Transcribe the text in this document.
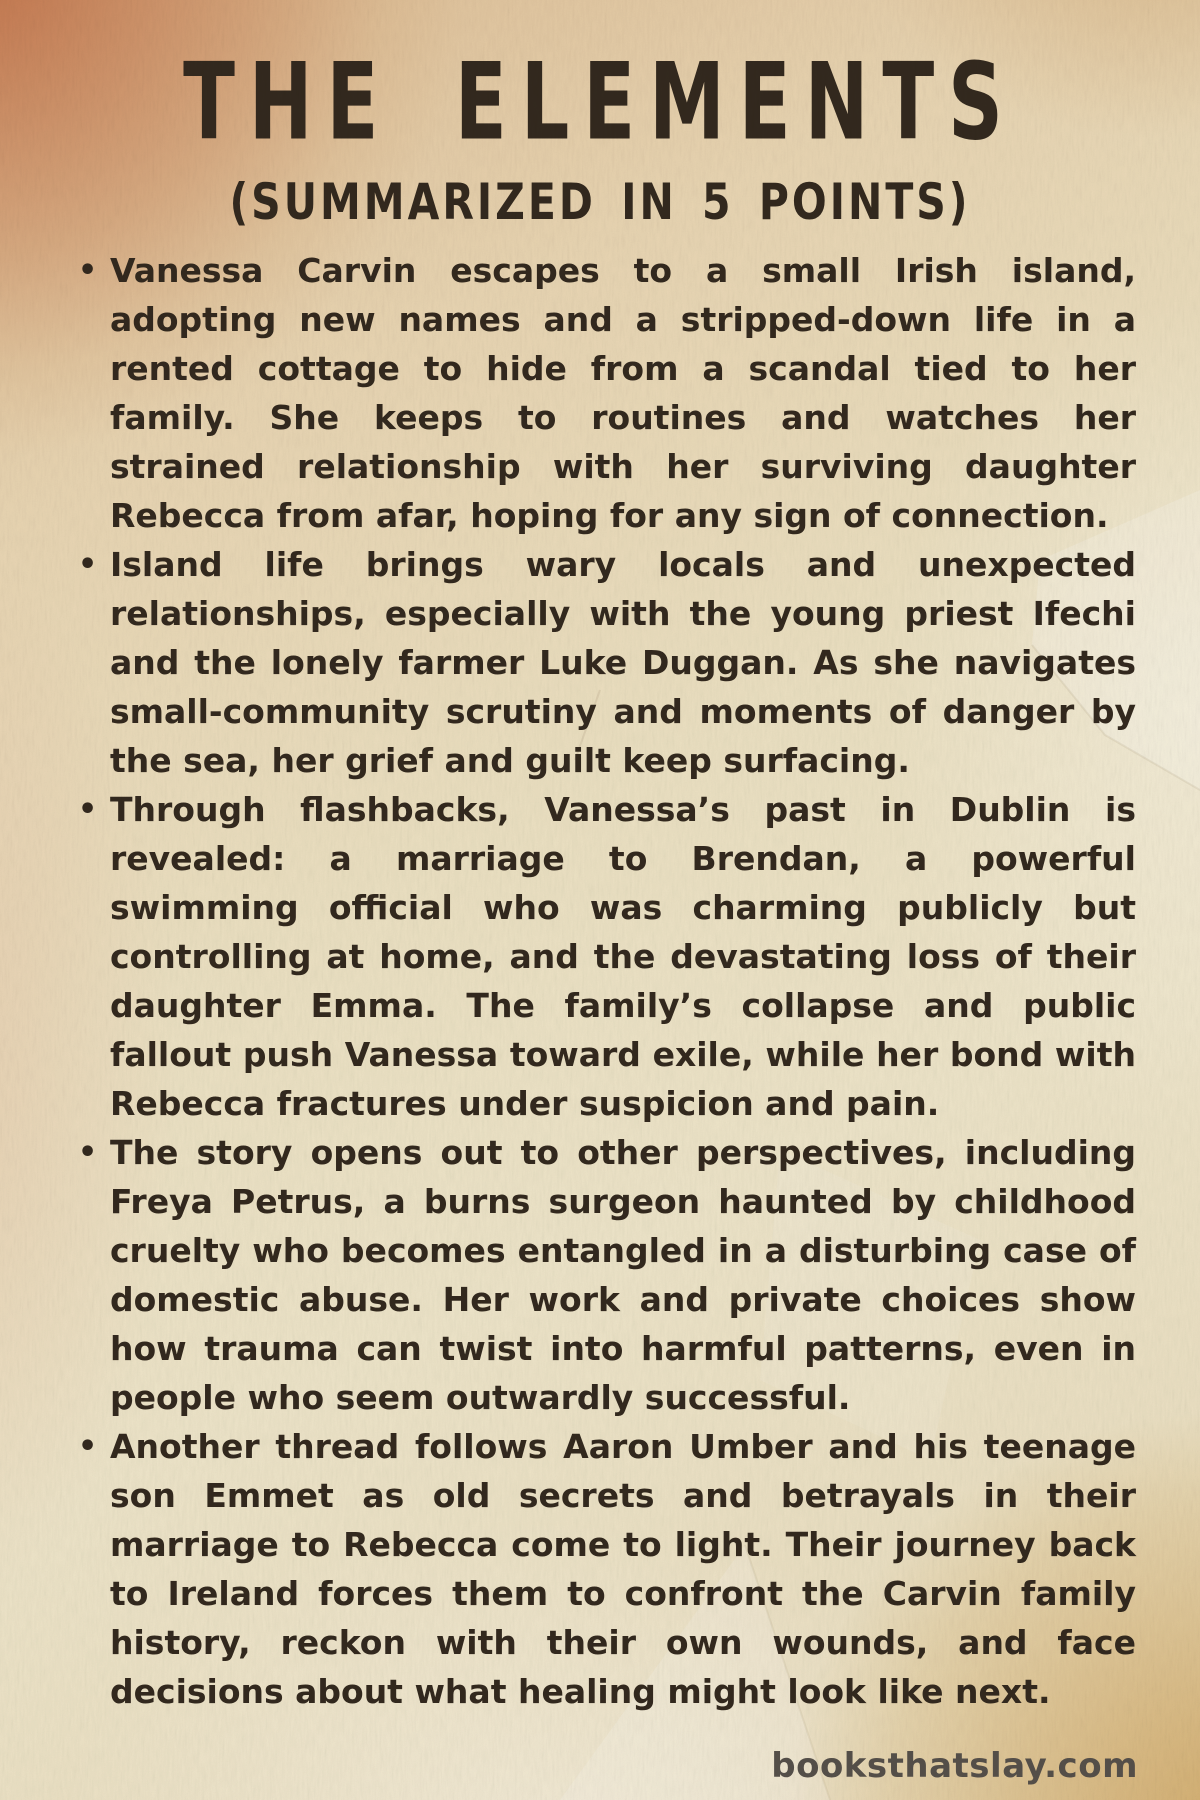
THE ELEMENTS
(SUMMARIZED IN 5 POINTS)
• Vanessa Carvin escapes to a small Irish island, adopting new names and a stripped-down life in a rented cottage to hide from a scandal tied to her family. She keeps to routines and watches her strained relationship with her surviving daughter Rebecca from afar, hoping for any sign of connection.
• Island life brings wary locals and unexpected relationships, especially with the young priest Ifechi and the lonely farmer Luke Duggan. As she navigates small-community scrutiny and moments of danger by the sea, her grief and guilt keep surfacing.
• Through flashbacks, Vanessa’s past in Dublin is revealed: a marriage to Brendan, a powerful swimming official who was charming publicly but controlling at home, and the devastating loss of their daughter Emma. The family’s collapse and public fallout push Vanessa toward exile, while her bond with Rebecca fractures under suspicion and pain.
• The story opens out to other perspectives, including Freya Petrus, a burns surgeon haunted by childhood cruelty who becomes entangled in a disturbing case of domestic abuse. Her work and private choices show how trauma can twist into harmful patterns, even in people who seem outwardly successful.
• Another thread follows Aaron Umber and his teenage son Emmet as old secrets and betrayals in their marriage to Rebecca come to light. Their journey back to Ireland forces them to confront the Carvin family history, reckon with their own wounds, and face decisions about what healing might look like next.
booksthatslay.com
